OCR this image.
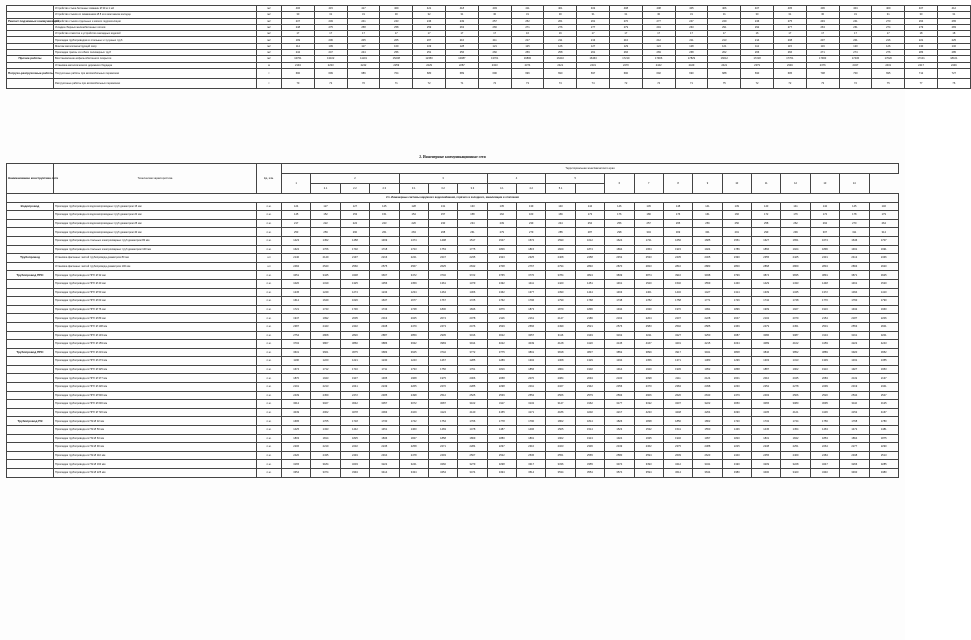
	Устройство стыка бетонных скважин Ø 30 м 1 м2	м2	406	415	417	409	421	418	403	411	401	402	408	408	405	406	407	405	406	404	409	407	412
	Устройство стыков со скважинами Ø 8 м в монтажном колодце	м2	30	31	31	30	32	31	30	31	30	31	31	30	31	31	30	31	30	31	31	30	31
Ремонт подземных коммуникаций	Устройство стыков отдельных и мягких гидроизоляции	м2	237	249	241	243	246	249	257	252	261	261	270	277	247	249	246	275	249	241	270	264	265
	Укладка сборных железобетонных лотков	м2	248	275	258	258	259	263	266	271	276	277	279	291	263	291	292	277	263	261	274	279	283
	Устройство отмостки и устройство закладных изделий	м2	17	17	17	17	17	17	17	16	16	17	17	17	17	17	16	17	17	17	17	18	18
	Прокладка трубопроводов из стальных и чугунных труб	м2	199	206	205	205	207	210	211	217	211	213	210	212	211	213	214	208	207	201	216	221	225
	Монтаж металлоконструкций опор	м2	114	109	117	109	109	128	121	125	126	127	129	124	128	121	112	115	119	120	126	130	132
	Прокладка трассы из гибких полимерных труб	м2	242	247	244	256	251	256	260	259	258	261	266	269	268	262	266	266	271	274	276	283	285
Прочие работы	Восстановление асфальтобетонного покрытия	м2	10701	13102	11101	15208	12350	10087	13701	16800	16410	16463	17219	17906	17829	16012	17218	17701	17900	17436	17020	17101	18101
	Установка металлического дорожного бордюра	м	2194	2233	2242	2259	2229	2287	2323	2374	2421	2431	2470	2442	2429	2421	2379	2349	2376	2347	2401	2417	2446
Погрузо-разгрузочные работы	Погрузочные работы при автомобильных перевозках	т	690	699	686	704	680	689	690	696	690	697	690	692	690	688	690	695	708	700	695	712	727
	Разгрузочные работы при автомобильных перевозках	т	70	72	70	71	72	71	72	73	74	74	72	74	71	75	72	72	73	72	75	77	76
2. Инженерные коммуникационные сети
Наименование конструктива сети	Техническая характеристика	Ед. изм.	Территориальная зона Камчатского края																				
			1	2			3			4		5		6	7	8	9	10	11	12	13	14	
				2.1	2.2	2.3	3.1	3.2	3.3	4.1	4.2	5.1											
2.1. Инженерные системы наружного водоснабжения, горячего и холодного, канализации и отопления																							
Водопровод	Прокладка трубопровода из водогазопроводных труб диаметром 15 мм	п.м.	124	127	127	125	128	131	133	135	139	140	144	146	145	148	141	139	143	141	142	145	146
	Прокладка трубопровода из водогазопроводных труб диаметром 20 мм	п.м.	145	152	153	151	154	157	158	162	163	166	173	176	180	176	161	166	172	176	172	178	179
	Прокладка трубопровода из водогазопроводных труб диаметром 25 мм	п.м.	217	222	222	223	226	230	234	239	239	244	254	256	257	265	259	250	258	262	262	270	264
	Прокладка трубопровода из водогазопроводных труб диаметром 40 мм	п.м.	253	259	260	261	263	268	261	279	279	285	287	298	304	309	301	291	299	299	307	311	314
	Прокладка трубопровода из стальных электросварных труб диаметром 80 мм	п.м.	1423	1452	1458	1469	1474	1498	1517	1547	1572	1590	1612	1624	1721	1656	1685	1551	1627	1651	1674	1646	1707
	Прокладка трубопровода из стальных электросварных труб диаметром 100 мм	п.м.	1622	1706	1702	1718	1723	1753	1775	1806	1815	1829	1874	1894	1954	1915	1924	1786	1866	1924	1896	1931	1991
Трубопровод	Установка фасонных частей трубопровода диаметром 80 мм	шт	2140	2149	2197	2216	2221	2247	2235	2323	2325	2408	2458	2452	2533	2435	2465	2390	2355	2425	2431	2412	2436
	Установка фасонных частей трубопровода диаметром 100 мм	шт	2484	2540	2560	2575	2567	2625	2632	2708	2767	2794	2840	2870	2823	2810	2883	2800	2868	2869	2834	2893	2920
Трубопровод ППС	Прокладка трубопровода из ППУ Ø 32 мм	п.м.	3451	3445	3438	3607	3472	3702	3722	3765	3770	3784	3824	3839	3874	3910	3938	3799	3874	3835	3891	3871	3925
	Прокладка трубопровода из ППУ Ø 40 мм	п.м.	1020	1319	1325	1356	1359	1361	1379	1392	1411	1420	1451	1461	1520	1540	1559	1430	1429	1433	1448	1461	1520
	Прокладка трубопровода из ППУ Ø 50 мм	п.м.	1245	1249	1274	1243	1234	1264	1306	1362	1377	1390	1444	1463	1401	1432	1427	1314	1339	1345	1372	1394	1410
	Прокладка трубопровода из ППУ Ø 63 мм	п.м.	1612	1649	1626	1637	1677	1767	1725	1762	1796	1799	1768	1748	1782	1758	1771	1726	1742	1748	1770	1760	1790
	Прокладка трубопровода из ППУ Ø 76 мм	п.м.	1721	1743	1730	1743	1748	1800	1846	1876	1873	1879	1896	1944	1930	1970	1991	1896	1909	1927	1916	1942	1960
	Прокладка трубопровода из ППУ Ø 89 мм	п.м.	1947	1992	2005	2013	2025	2074	2078	2116	2161	2147	2186	2162	2204	2207	2228	2047	2102	2079	2154	2187	2206
	Прокладка трубопровода из ППУ Ø 108 мм	п.м.	2387	2443	2432	2408	2479	2473	2476	2529	2566	2499	2521	2576	2583	2592	2585	2469	2479	2451	2501	2553	2601
	Прокладка трубопровода из ППУ Ø 133 мм	п.м.	2754	2808	2820	2887	2859	2905	3016	3022	3057	3116	3149	3162	3211	3227	3250	3087	3086	3087	3134	3161	3201
	Прокладка трубопровода из ППУ Ø 159 мм	п.м.	3702	3807	3860	3886	3932	3983	3914	4022	4049	4128	4120	4145	4167	4201	4215	4034	4089	4102	4159	4222	4243
Трубопровод ППС	Прокладка трубопровода из ППУ Ø 219 мм	п.м.	3631	3661	3675	3683	3625	3742	3772	3775	3801	3818	3837	3852	3899	3917	3941	3808	3846	3852	3889	3920	3952
	Прокладка трубопровода из ППУ Ø 273 мм	п.м.	1196	1220	1221	1240	1243	1267	1285	1289	1302	1308	1329	1334	1356	1371	1380	1296	1303	1313	1339	1331	1355
	Прокладка трубопровода из ППУ Ø 325 мм	п.м.	1674	1712	1710	1711	1733	1756	1761	1816	1856	1864	1902	1914	1920	1945	1952	1868	1887	1902	1910	1927	1953
	Прокладка трубопровода из ППУ Ø 377 мм	п.м.	1870	1943	1937	1935	1968	1975	2006	2058	2070	2084	2094	2100	2098	2111	2124	2001	2010	2045	2083	2119	2137
	Прокладка трубопровода из ППУ Ø 426 мм	п.м.	2191	2213	2241	2249	2265	2270	2285	2298	2311	2327	2342	2356	2370	2384	2398	2230	2252	2278	2299	2319	2341
	Прокладка трубопровода из ППУ Ø 530 мм	п.м.	2439	2459	2472	2485	2498	2512	2525	2539	2552	2566	2579	2593	2606	2620	2633	2479	2493	2506	2520	2534	2547
	Прокладка трубопровода из ППУ Ø 630 мм	п.м.	3012	3027	3042	3057	3072	3087	3102	3117	3132	3147	3162	3177	3192	3207	3222	3050	3065	3080	3095	3110	3125
	Прокладка трубопровода из ППУ Ø 720 мм	п.м.	4049	4062	4078	4093	4109	4124	4140	4155	4171	4186	4202	4217	4233	4248	4264	4090	4105	4121	4136	4152	4167
Трубопровод ПЭ	Прокладка трубопровода из ПЭ Ø 32 мм	п.м.	1695	1705	1718	1730	1742	1754	1766	1778	1790	1802	1814	1826	1838	1850	1862	1720	1732	1744	1756	1768	1780
	Прокладка трубопровода из ПЭ Ø 50 мм	п.м.	1425	1433	1442	1451	1460	1469	1478	1487	1496	1505	1514	1523	1532	1541	1550	1436	1445	1454	1463	1472	1481
	Прокладка трубопровода из ПЭ Ø 63 мм	п.м.	1803	1814	1825	1836	1847	1858	1869	1880	1891	1902	1913	1924	1935	1946	1957	1820	1831	1842	1853	1864	1875
	Прокладка трубопровода из ПЭ Ø 90 мм	п.м.	2206	2219	2232	2245	2258	2271	2284	2297	2310	2323	2336	2349	2362	2375	2388	2225	2238	2251	2264	2277	2290
	Прокладка трубопровода из ПЭ Ø 110 мм	п.м.	2420	2435	2449	2464	2478	2493	2507	2522	2536	2551	2565	2580	2594	2609	2623	2440	2455	2469	2484	2498	2513
	Прокладка трубопровода из ПЭ Ø 160 мм	п.м.	3165	3184	3203	3222	3241	3260	3279	3298	3317	3336	3355	3374	3393	3412	3431	3190	3209	3228	3247	3266	3285
	Прокладка трубопровода из ПЭ Ø 225 мм	п.м.	3354	3374	3394	3414	3434	3454	3474	3494	3514	3534	3554	3574	3594	3614	3634	3380	3400	3420	3440	3460	3480
